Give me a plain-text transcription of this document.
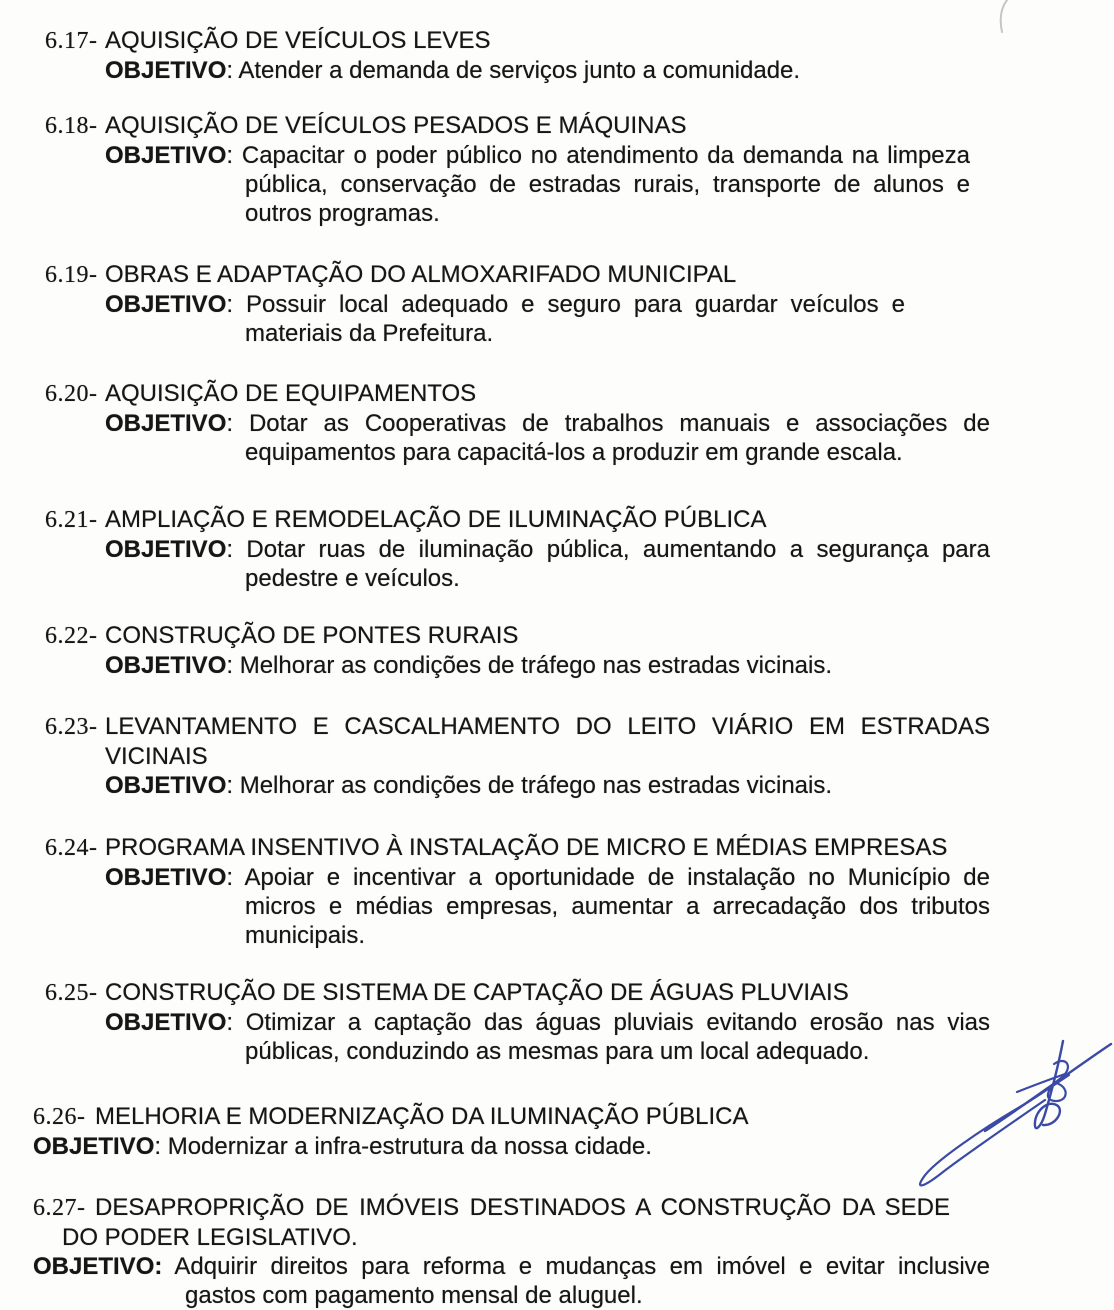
6.17- AQUISIÇÃO DE VEÍCULOS LEVES

OBJETIVO: Atender a demanda de serviços junto a comunidade.

6.18- AQUISIÇÃO DE VEÍCULOS PESADOS E MÁQUINAS

OBJETIVO: Capacitar o poder público no atendimento da demanda na limpeza pública, conservação de estradas rurais, transporte de alunos e outros programas.

6.19- OBRAS E ADAPTAÇÃO DO ALMOXARIFADO MUNICIPAL

OBJETIVO: Possuir local adequado e seguro para guardar veículos e materiais da Prefeitura.

6.20- AQUISIÇÃO DE EQUIPAMENTOS

OBJETIVO: Dotar as Cooperativas de trabalhos manuais e associações de equipamentos para capacitá-los a produzir em grande escala.

6.21- AMPLIAÇÃO E REMODELAÇÃO DE ILUMINAÇÃO PÚBLICA

OBJETIVO: Dotar ruas de iluminação pública, aumentando a segurança para pedestre e veículos.

6.22- CONSTRUÇÃO DE PONTES RURAIS

OBJETIVO: Melhorar as condições de tráfego nas estradas vicinais.

6.23- LEVANTAMENTO E CASCALHAMENTO DO LEITO VIÁRIO EM ESTRADAS VICINAIS

OBJETIVO: Melhorar as condições de tráfego nas estradas vicinais.

6.24- PROGRAMA INSENTIVO À INSTALAÇÃO DE MICRO E MÉDIAS EMPRESAS

OBJETIVO: Apoiar e incentivar a oportunidade de instalação no Município de micros e médias empresas, aumentar a arrecadação dos tributos municipais.

6.25- CONSTRUÇÃO DE SISTEMA DE CAPTAÇÃO DE ÁGUAS PLUVIAIS

OBJETIVO: Otimizar a captação das águas pluviais evitando erosão nas vias públicas, conduzindo as mesmas para um local adequado.

6.26- MELHORIA E MODERNIZAÇÃO DA ILUMINAÇÃO PÚBLICA

OBJETIVO: Modernizar a infra-estrutura da nossa cidade.

6.27- DESAPROPRIÇÃO DE IMÓVEIS DESTINADOS A CONSTRUÇÃO DA SEDE DO PODER LEGISLATIVO.

OBJETIVO: Adquirir direitos para reforma e mudanças em imóvel e evitar inclusive gastos com pagamento mensal de aluguel.
